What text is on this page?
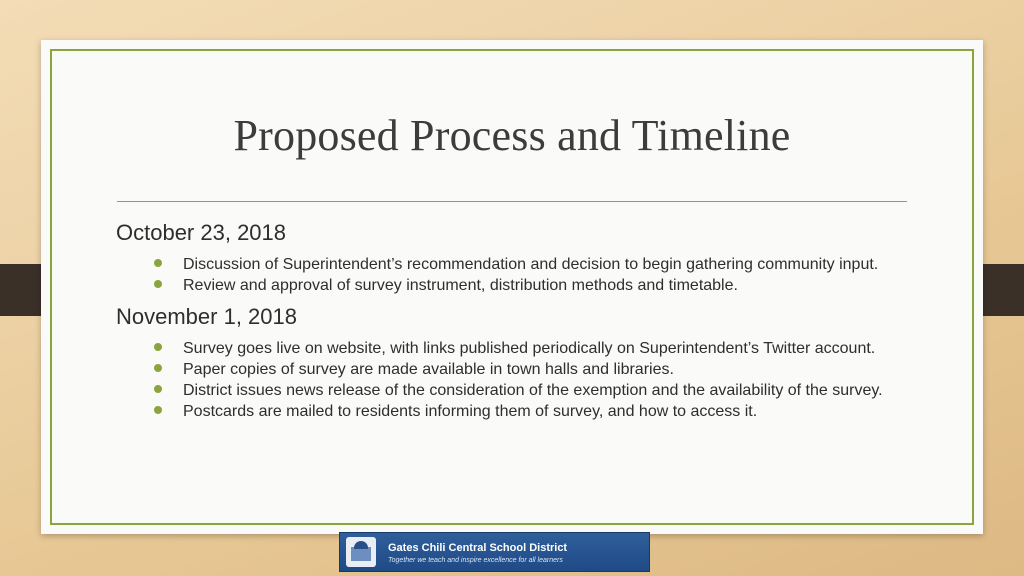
Proposed Process and Timeline
October 23, 2018
Discussion of Superintendent’s recommendation and decision to begin gathering community input.
Review and approval of survey instrument, distribution methods and timetable.
November 1, 2018
Survey goes live on website, with links published periodically on Superintendent’s Twitter account.
Paper copies of survey are made available in town halls and libraries.
District issues news release of the consideration of the exemption and the availability of the survey.
Postcards are mailed to residents informing them of survey, and how to access it.
Gates Chili Central School District
Together we teach and inspire excellence for all learners
